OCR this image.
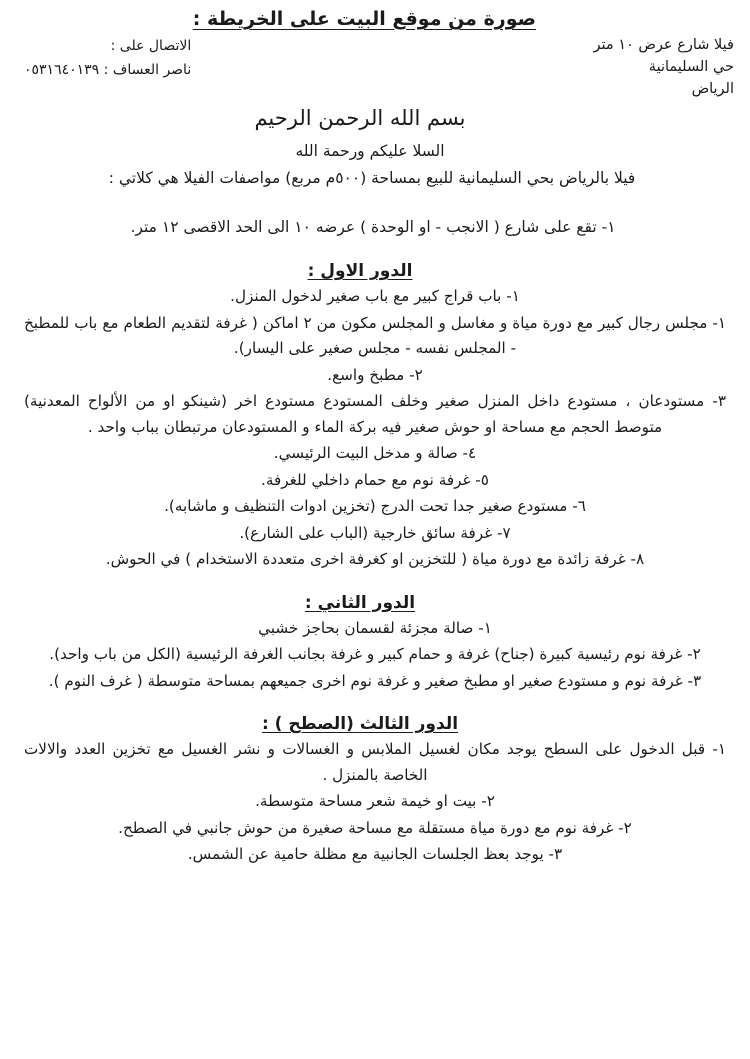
صورة من موقع البيت على الخريطة :
فيلا شارع عرض ١٠ متر
حي السليمانية
الرياض
الاتصال على :
ناصر العساف : ٠٥٣١٦٤٠١٣٩
بسم الله الرحمن الرحيم
السلا عليكم ورحمة الله
فيلا بالرياض بحي السليمانية للبيع بمساحة (٥٠٠م مربع) مواصفات الفيلا هي كلاتي :
١- تقع على شارع ( الانجب - او الوحدة ) عرضه ١٠ الى الحد الاقصى ١٢ متر.
الدور الاول :
١- باب قراج كبير مع باب صغير لدخول المنزل.
١- مجلس رجال كبير مع دورة مياة و مغاسل و المجلس مكون من ٢ اماكن ( غرفة لتقديم الطعام مع باب للمطبخ - المجلس نفسه - مجلس صغير على اليسار).
٢- مطبخ واسع.
٣- مستودعان ، مستودع داخل المنزل صغير وخلف المستودع مستودع اخر (شينكو او من الألواح المعدنية) متوصط الحجم مع مساحة او حوش صغير فيه بركة الماء و المستودعان مرتبطان بباب واحد .
٤- صالة و مدخل البيت الرئيسي.
٥- غرفة نوم مع حمام داخلي للغرفة.
٦- مستودع صغير جدا تحت الدرج (تخزين ادوات التنظيف و ماشابه).
٧- غرفة سائق خارجية (الباب على الشارع).
٨- غرفة زائدة مع دورة مياة ( للتخزين او كغرفة اخرى متعددة الاستخدام ) في الحوش.
الدور الثاني :
١- صالة مجزئة لقسمان بحاجز خشبي
٢- غرفة نوم رئيسية كبيرة (جناح) غرفة و حمام كبير و غرفة بجانب الغرفة الرئيسية (الكل من باب واحد).
٣- غرفة نوم و مستودع صغير او مطبخ صغير و غرفة نوم اخرى جميعهم بمساحة متوسطة ( غرف النوم ).
الدور الثالث (الصطح ) :
١- قبل الدخول على السطح يوجد مكان لغسيل الملابس و الغسالات و نشر الغسيل مع تخزين العدد والالات الخاصة بالمنزل .
٢- بيت او خيمة شعر مساحة متوسطة.
٢- غرفة نوم مع دورة مياة مستقلة مع مساحة صغيرة من حوش جانبي في الصطح.
٣- يوجد بعظ الجلسات الجانبية مع مظلة حامية عن الشمس.
